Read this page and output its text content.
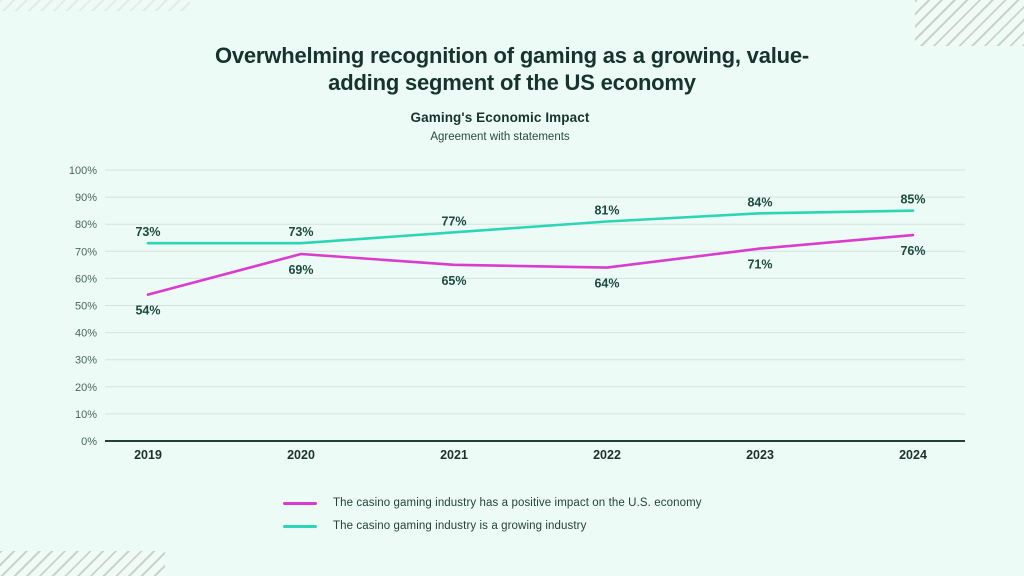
Overwhelming recognition of gaming as a growing, value-
adding segment of the US economy
Gaming's Economic Impact
Agreement with statements
0%
10%
20%
30%
40%
50%
60%
70%
80%
90%
100%
2019	2020	2021	2022	2023	2024
54%
69%
65%	64%
71%
76%
73%	73%
77%
81%
84%	85%
The casino gaming industry has a positive impact on the U.S. economy
The casino gaming industry is a growing industry
